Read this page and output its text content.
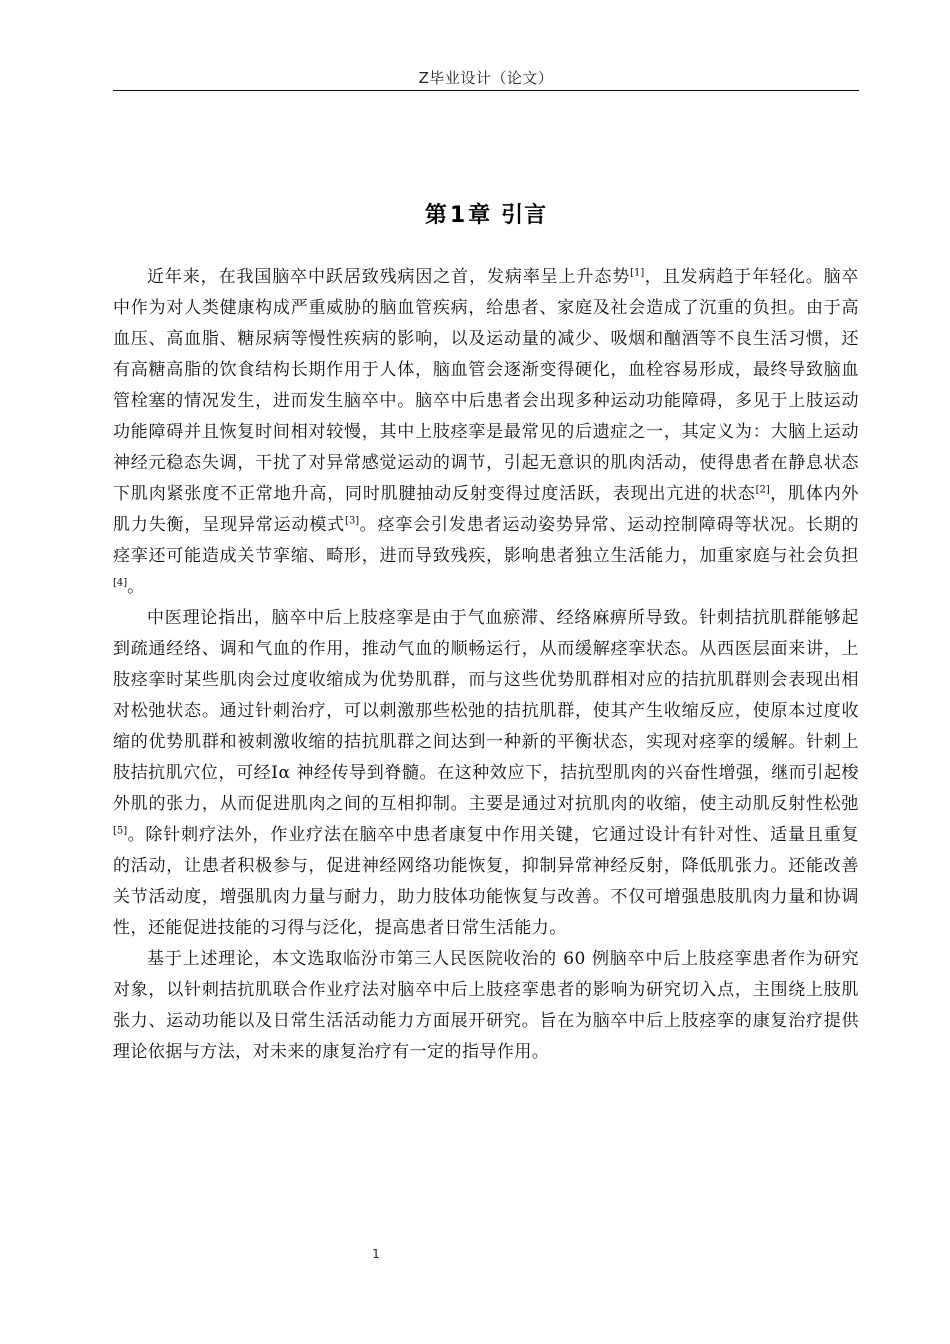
Z毕业设计（论文）
第1章 引言

近年来，在我国脑卒中跃居致残病因之首，发病率呈上升态势[1]，且发病趋于年轻化。脑卒中作为对人类健康构成严重威胁的脑血管疾病，给患者、家庭及社会造成了沉重的负担。由于高血压、高血脂、糖尿病等慢性疾病的影响，以及运动量的减少、吸烟和酗酒等不良生活习惯，还有高糖高脂的饮食结构长期作用于人体，脑血管会逐渐变得硬化，血栓容易形成，最终导致脑血管栓塞的情况发生，进而发生脑卒中。脑卒中后患者会出现多种运动功能障碍，多见于上肢运动功能障碍并且恢复时间相对较慢，其中上肢痉挛是最常见的后遗症之一，其定义为：大脑上运动神经元稳态失调，干扰了对异常感觉运动的调节，引起无意识的肌肉活动，使得患者在静息状态下肌肉紧张度不正常地升高，同时肌腱抽动反射变得过度活跃，表现出亢进的状态[2]，肌体内外肌力失衡，呈现异常运动模式[3]。痉挛会引发患者运动姿势异常、运动控制障碍等状况。长期的痉挛还可能造成关节挛缩、畸形，进而导致残疾，影响患者独立生活能力，加重家庭与社会负担[4]。

中医理论指出，脑卒中后上肢痉挛是由于气血瘀滞、经络麻痹所导致。针刺拮抗肌群能够起到疏通经络、调和气血的作用，推动气血的顺畅运行，从而缓解痉挛状态。从西医层面来讲，上肢痉挛时某些肌肉会过度收缩成为优势肌群，而与这些优势肌群相对应的拮抗肌群则会表现出相对松弛状态。通过针刺治疗，可以刺激那些松弛的拮抗肌群，使其产生收缩反应，使原本过度收缩的优势肌群和被刺激收缩的拮抗肌群之间达到一种新的平衡状态，实现对痉挛的缓解。针刺上肢拮抗肌穴位，可经Ⅰα 神经传导到脊髓。在这种效应下，拮抗型肌肉的兴奋性增强，继而引起梭外肌的张力，从而促进肌肉之间的互相抑制。主要是通过对抗肌肉的收缩，使主动肌反射性松弛[5]。除针刺疗法外，作业疗法在脑卒中患者康复中作用关键，它通过设计有针对性、适量且重复的活动，让患者积极参与，促进神经网络功能恢复，抑制异常神经反射，降低肌张力。还能改善关节活动度，增强肌肉力量与耐力，助力肢体功能恢复与改善。不仅可增强患肢肌肉力量和协调性，还能促进技能的习得与泛化，提高患者日常生活能力。

基于上述理论，本文选取临汾市第三人民医院收治的 60 例脑卒中后上肢痉挛患者作为研究对象，以针刺拮抗肌联合作业疗法对脑卒中后上肢痉挛患者的影响为研究切入点，主围绕上肢肌张力、运动功能以及日常生活活动能力方面展开研究。旨在为脑卒中后上肢痉挛的康复治疗提供理论依据与方法，对未来的康复治疗有一定的指导作用。

1
